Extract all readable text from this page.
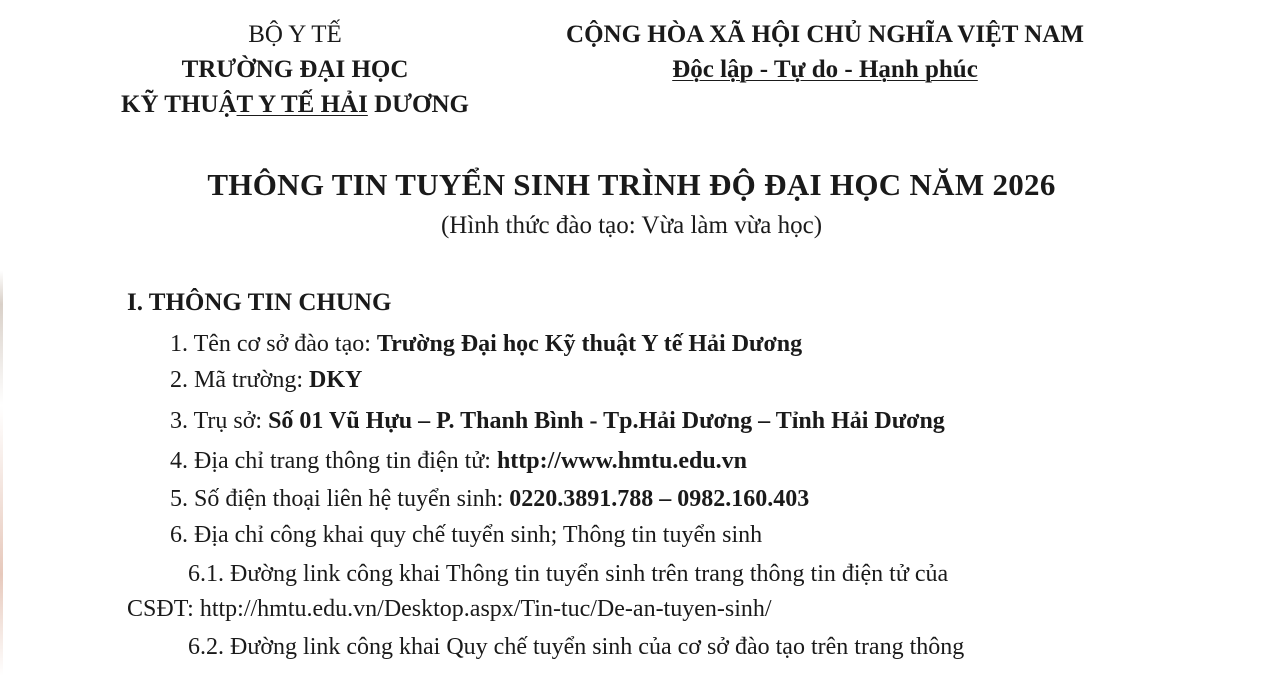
BỘ Y TẾ
TRƯỜNG ĐẠI HỌC
KỸ THUẬT Y TẾ HẢI DƯƠNG
CỘNG HÒA XÃ HỘI CHỦ NGHĨA VIỆT NAM
Độc lập - Tự do - Hạnh phúc
THÔNG TIN TUYỂN SINH TRÌNH ĐỘ ĐẠI HỌC NĂM 2026
(Hình thức đào tạo: Vừa làm vừa học)
I. THÔNG TIN CHUNG
1. Tên cơ sở đào tạo: Trường Đại học Kỹ thuật Y tế Hải Dương
2. Mã trường: DKY
3. Trụ sở: Số 01 Vũ Hựu – P. Thanh Bình - Tp.Hải Dương – Tỉnh Hải Dương
4. Địa chỉ trang thông tin điện tử: http://www.hmtu.edu.vn
5. Số điện thoại liên hệ tuyển sinh: 0220.3891.788 – 0982.160.403
6. Địa chỉ công khai quy chế tuyển sinh; Thông tin tuyển sinh
6.1. Đường link công khai Thông tin tuyển sinh trên trang thông tin điện tử của
CSĐT: http://hmtu.edu.vn/Desktop.aspx/Tin-tuc/De-an-tuyen-sinh/
6.2. Đường link công khai Quy chế tuyển sinh của cơ sở đào tạo trên trang thông
